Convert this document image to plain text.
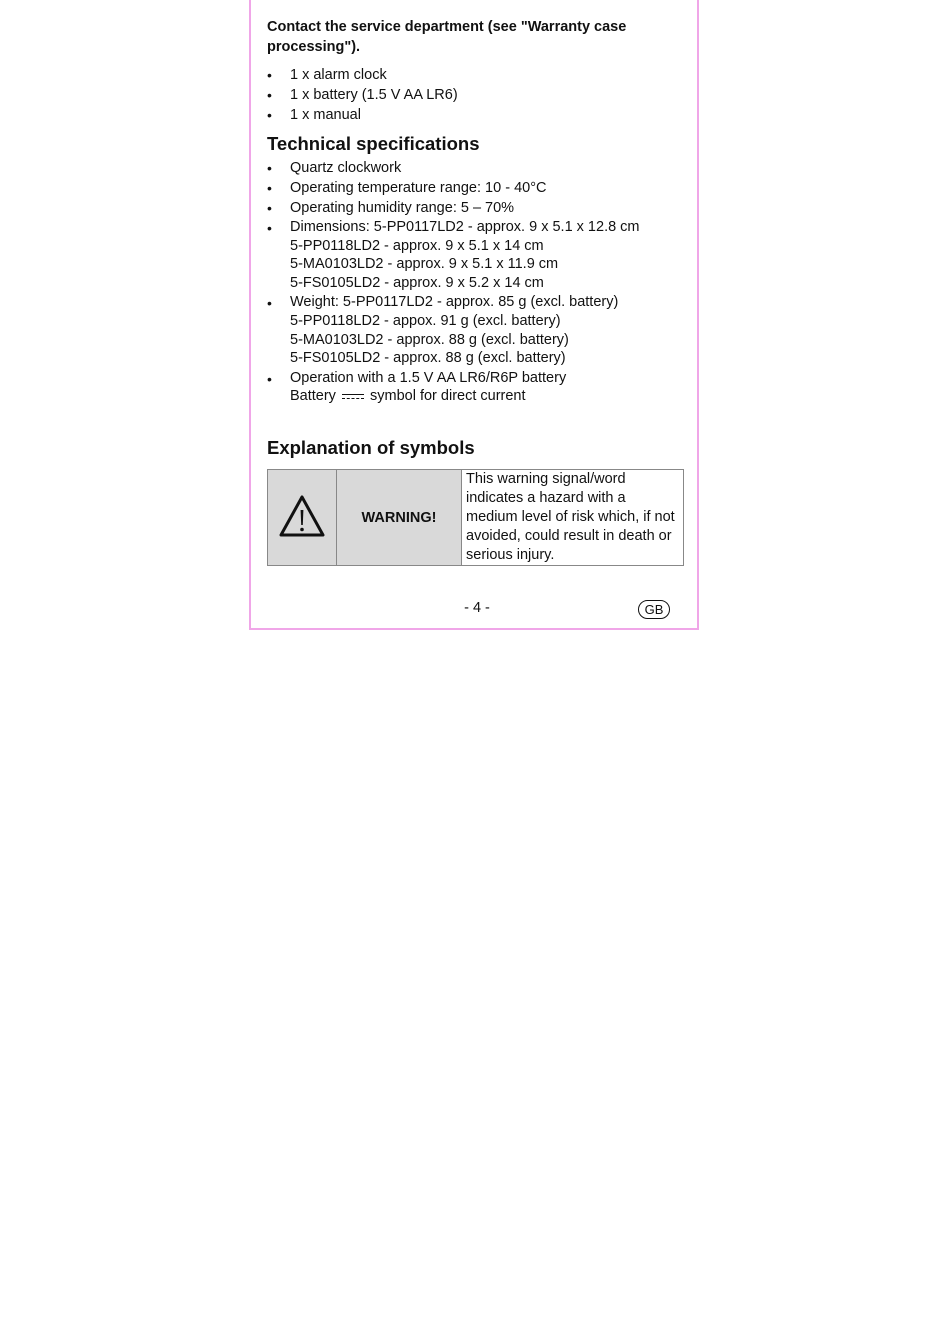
Contact the service department (see "Warranty case processing").
• 1 x alarm clock
• 1 x battery (1.5 V AA LR6)
• 1 x manual
Technical specifications
• Quartz clockwork
• Operating temperature range: 10 - 40°C
• Operating humidity range: 5 – 70%
• Dimensions: 5-PP0117LD2 - approx. 9 x 5.1 x 12.8 cm
5-PP0118LD2 - approx. 9 x 5.1 x 14 cm
5-MA0103LD2 - approx. 9 x 5.1 x 11.9 cm
5-FS0105LD2 - approx. 9 x 5.2 x 14 cm
• Weight: 5-PP0117LD2 - approx. 85 g (excl. battery)
5-PP0118LD2 - appox. 91 g (excl. battery)
5-MA0103LD2 - approx. 88 g (excl. battery)
5-FS0105LD2 - approx. 88 g (excl. battery)
• Operation with a 1.5 V AA LR6/R6P battery
Battery symbol for direct current
Explanation of symbols
	WARNING!	This warning signal/word indicates a hazard with a medium level of risk which, if not avoided, could result in death or serious injury.
- 4 -	GB
